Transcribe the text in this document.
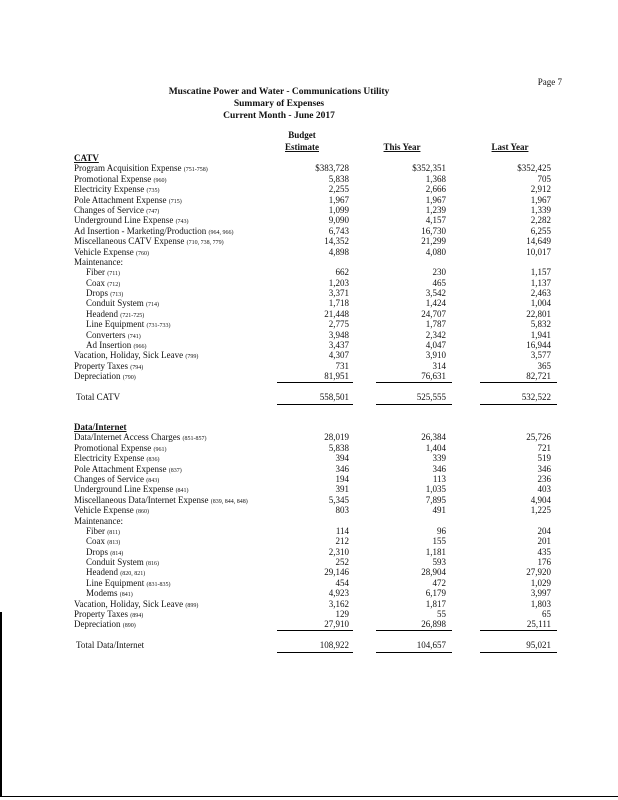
Page 7
Muscatine Power and Water - Communications Utility
Summary of Expenses
Current Month - June 2017
Budget
Estimate	This Year	Last Year
CATV
Program Acquisition Expense (751-758)	$383,728	$352,351	$352,425
Promotional Expense (960)	5,838	1,368	705
Electricity Expense (735)	2,255	2,666	2,912
Pole Attachment Expense (715)	1,967	1,967	1,967
Changes of Service (747)	1,099	1,239	1,339
Underground Line Expense (743)	9,090	4,157	2,282
Ad Insertion - Marketing/Production (964, 966)	6,743	16,730	6,255
Miscellaneous CATV Expense (710, 738, 779)	14,352	21,299	14,649
Vehicle Expense (760)	4,898	4,080	10,017
Maintenance:
Fiber (711)	662	230	1,157
Coax (712)	1,203	465	1,137
Drops (713)	3,371	3,542	2,463
Conduit System (714)	1,718	1,424	1,004
Headend (721-725)	21,448	24,707	22,801
Line Equipment (731-733)	2,775	1,787	5,832
Converters (741)	3,948	2,342	1,941
Ad Insertion (966)	3,437	4,047	16,944
Vacation, Holiday, Sick Leave (799)	4,307	3,910	3,577
Property Taxes (794)	731	314	365
Depreciation (790)	81,951	76,631	82,721
Total CATV	558,501	525,555	532,522
Data/Internet
Data/Internet Access Charges (851-857)	28,019	26,384	25,726
Promotional Expense (961)	5,838	1,404	721
Electricity Expense (836)	394	339	519
Pole Attachment Expense (837)	346	346	346
Changes of Service (843)	194	113	236
Underground Line Expense (841)	391	1,035	403
Miscellaneous Data/Internet Expense (839, 844, 848)	5,345	7,895	4,904
Vehicle Expense (860)	803	491	1,225
Maintenance:
Fiber (811)	114	96	204
Coax (813)	212	155	201
Drops (814)	2,310	1,181	435
Conduit System (816)	252	593	176
Headend (820, 821)	29,146	28,904	27,920
Line Equipment (831-835)	454	472	1,029
Modems (841)	4,923	6,179	3,997
Vacation, Holiday, Sick Leave (899)	3,162	1,817	1,803
Property Taxes (894)	129	55	65
Depreciation (890)	27,910	26,898	25,111
Total Data/Internet	108,922	104,657	95,021
